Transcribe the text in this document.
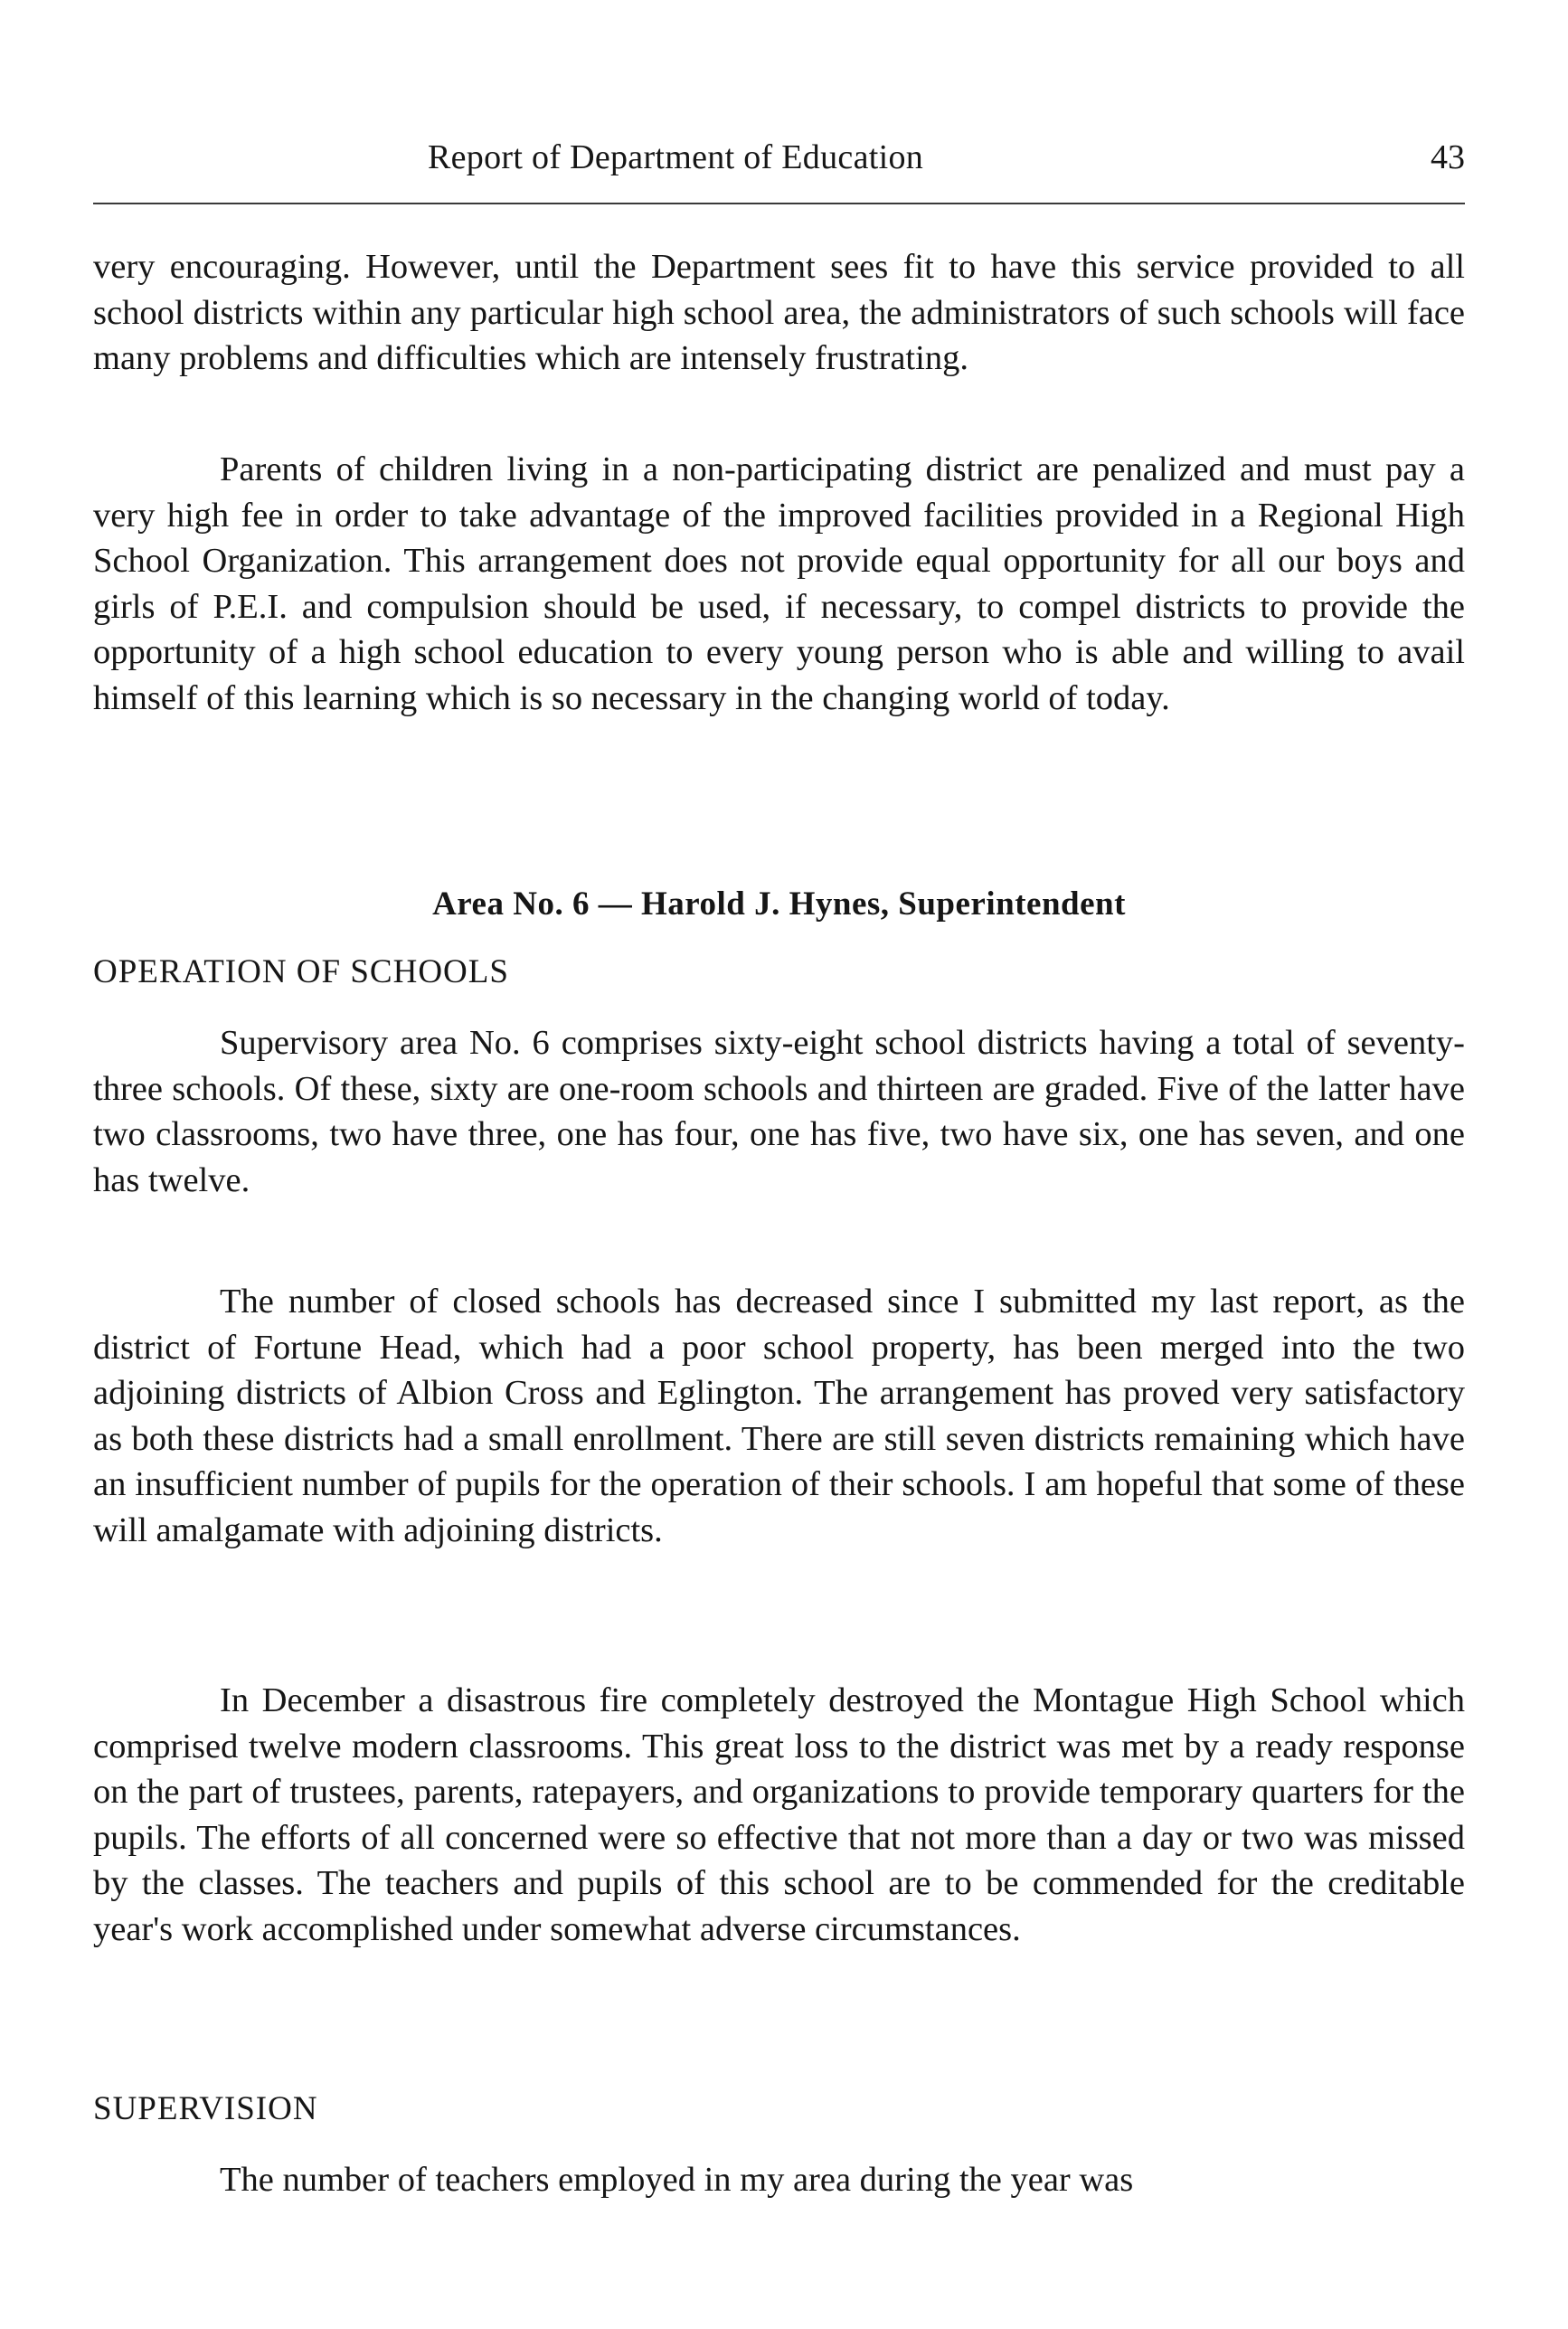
Report of Department of Education	43

very encouraging. However, until the Department sees fit to have this service provided to all school districts within any particular high school area, the administrators of such schools will face many problems and difficulties which are intensely frustrating.

Parents of children living in a non-participating district are penalized and must pay a very high fee in order to take advantage of the improved facilities provided in a Regional High School Organization. This arrangement does not provide equal opportunity for all our boys and girls of P.E.I. and compulsion should be used, if necessary, to compel districts to provide the opportunity of a high school education to every young person who is able and willing to avail himself of this learning which is so necessary in the changing world of today.

Area No. 6 — Harold J. Hynes, Superintendent
OPERATION OF SCHOOLS

Supervisory area No. 6 comprises sixty-eight school districts having a total of seventy-three schools. Of these, sixty are one-room schools and thirteen are graded. Five of the latter have two classrooms, two have three, one has four, one has five, two have six, one has seven, and one has twelve.

The number of closed schools has decreased since I submitted my last report, as the district of Fortune Head, which had a poor school property, has been merged into the two adjoining districts of Albion Cross and Eglington. The arrangement has proved very satisfactory as both these districts had a small enrollment. There are still seven districts remaining which have an insufficient number of pupils for the operation of their schools. I am hopeful that some of these will amalgamate with adjoining districts.

In December a disastrous fire completely destroyed the Montague High School which comprised twelve modern classrooms. This great loss to the district was met by a ready response on the part of trustees, parents, ratepayers, and organizations to provide temporary quarters for the pupils. The efforts of all concerned were so effective that not more than a day or two was missed by the classes. The teachers and pupils of this school are to be commended for the creditable year's work accomplished under somewhat adverse circumstances.

SUPERVISION

The number of teachers employed in my area during the year was
